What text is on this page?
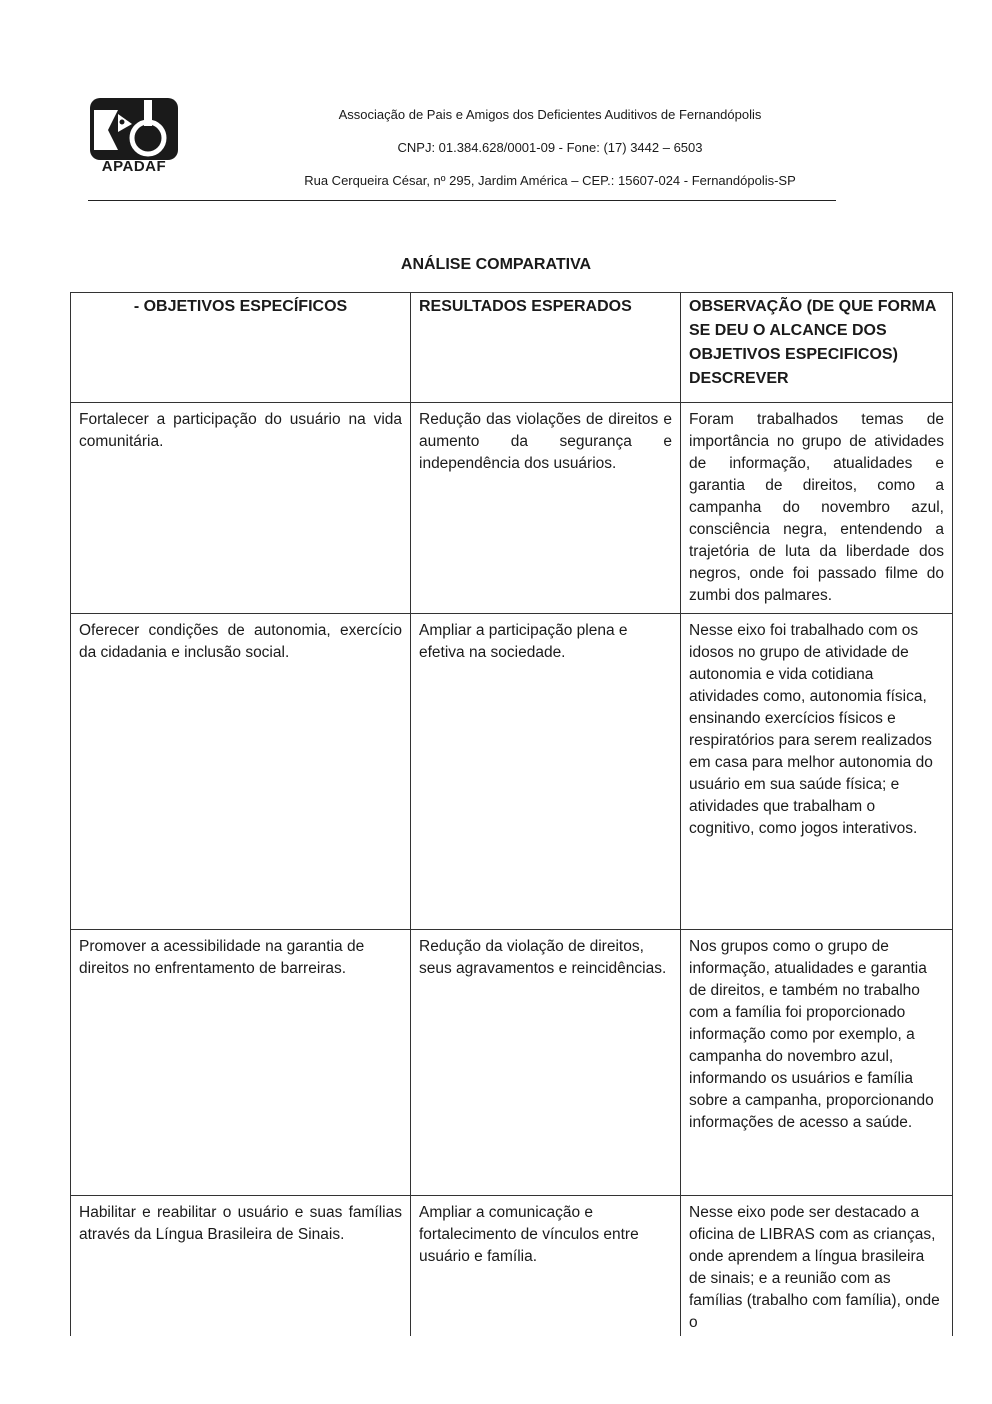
APADAF
Associação de Pais e Amigos dos Deficientes Auditivos de Fernandópolis
CNPJ: 01.384.628/0001-09 - Fone: (17) 3442 – 6503
Rua Cerqueira César, nº 295, Jardim América – CEP.: 15607-024 - Fernandópolis-SP
ANÁLISE COMPARATIVA
- OBJETIVOS ESPECÍFICOS	RESULTADOS ESPERADOS	OBSERVAÇÃO (DE QUE FORMA SE DEU O ALCANCE DOS OBJETIVOS ESPECIFICOS) DESCREVER
Fortalecer a participação do usuário na vida comunitária.	Redução das violações de direitos e aumento da segurança e independência dos usuários.	Foram trabalhados temas de importância no grupo de atividades de informação, atualidades e garantia de direitos, como a campanha do novembro azul, consciência negra, entendendo a trajetória de luta da liberdade dos negros, onde foi passado filme do zumbi dos palmares.
Oferecer condições de autonomia, exercício da cidadania e inclusão social.	Ampliar a participação plena e efetiva na sociedade.	Nesse eixo foi trabalhado com os idosos no grupo de atividade de autonomia e vida cotidiana atividades como, autonomia física, ensinando exercícios físicos e respiratórios para serem realizados em casa para melhor autonomia do usuário em sua saúde física; e atividades que trabalham o cognitivo, como jogos interativos.
Promover a acessibilidade na garantia de direitos no enfrentamento de barreiras.	Redução da violação de direitos, seus agravamentos e reincidências.	Nos grupos como o grupo de informação, atualidades e garantia de direitos, e também no trabalho com a família foi proporcionado informação como por exemplo, a campanha do novembro azul, informando os usuários e família sobre a campanha, proporcionando informações de acesso a saúde.
Habilitar e reabilitar o usuário e suas famílias através da Língua Brasileira de Sinais.	Ampliar a comunicação e fortalecimento de vínculos entre usuário e família.	Nesse eixo pode ser destacado a oficina de LIBRAS com as crianças, onde aprendem a língua brasileira de sinais; e a reunião com as famílias (trabalho com família), onde o
